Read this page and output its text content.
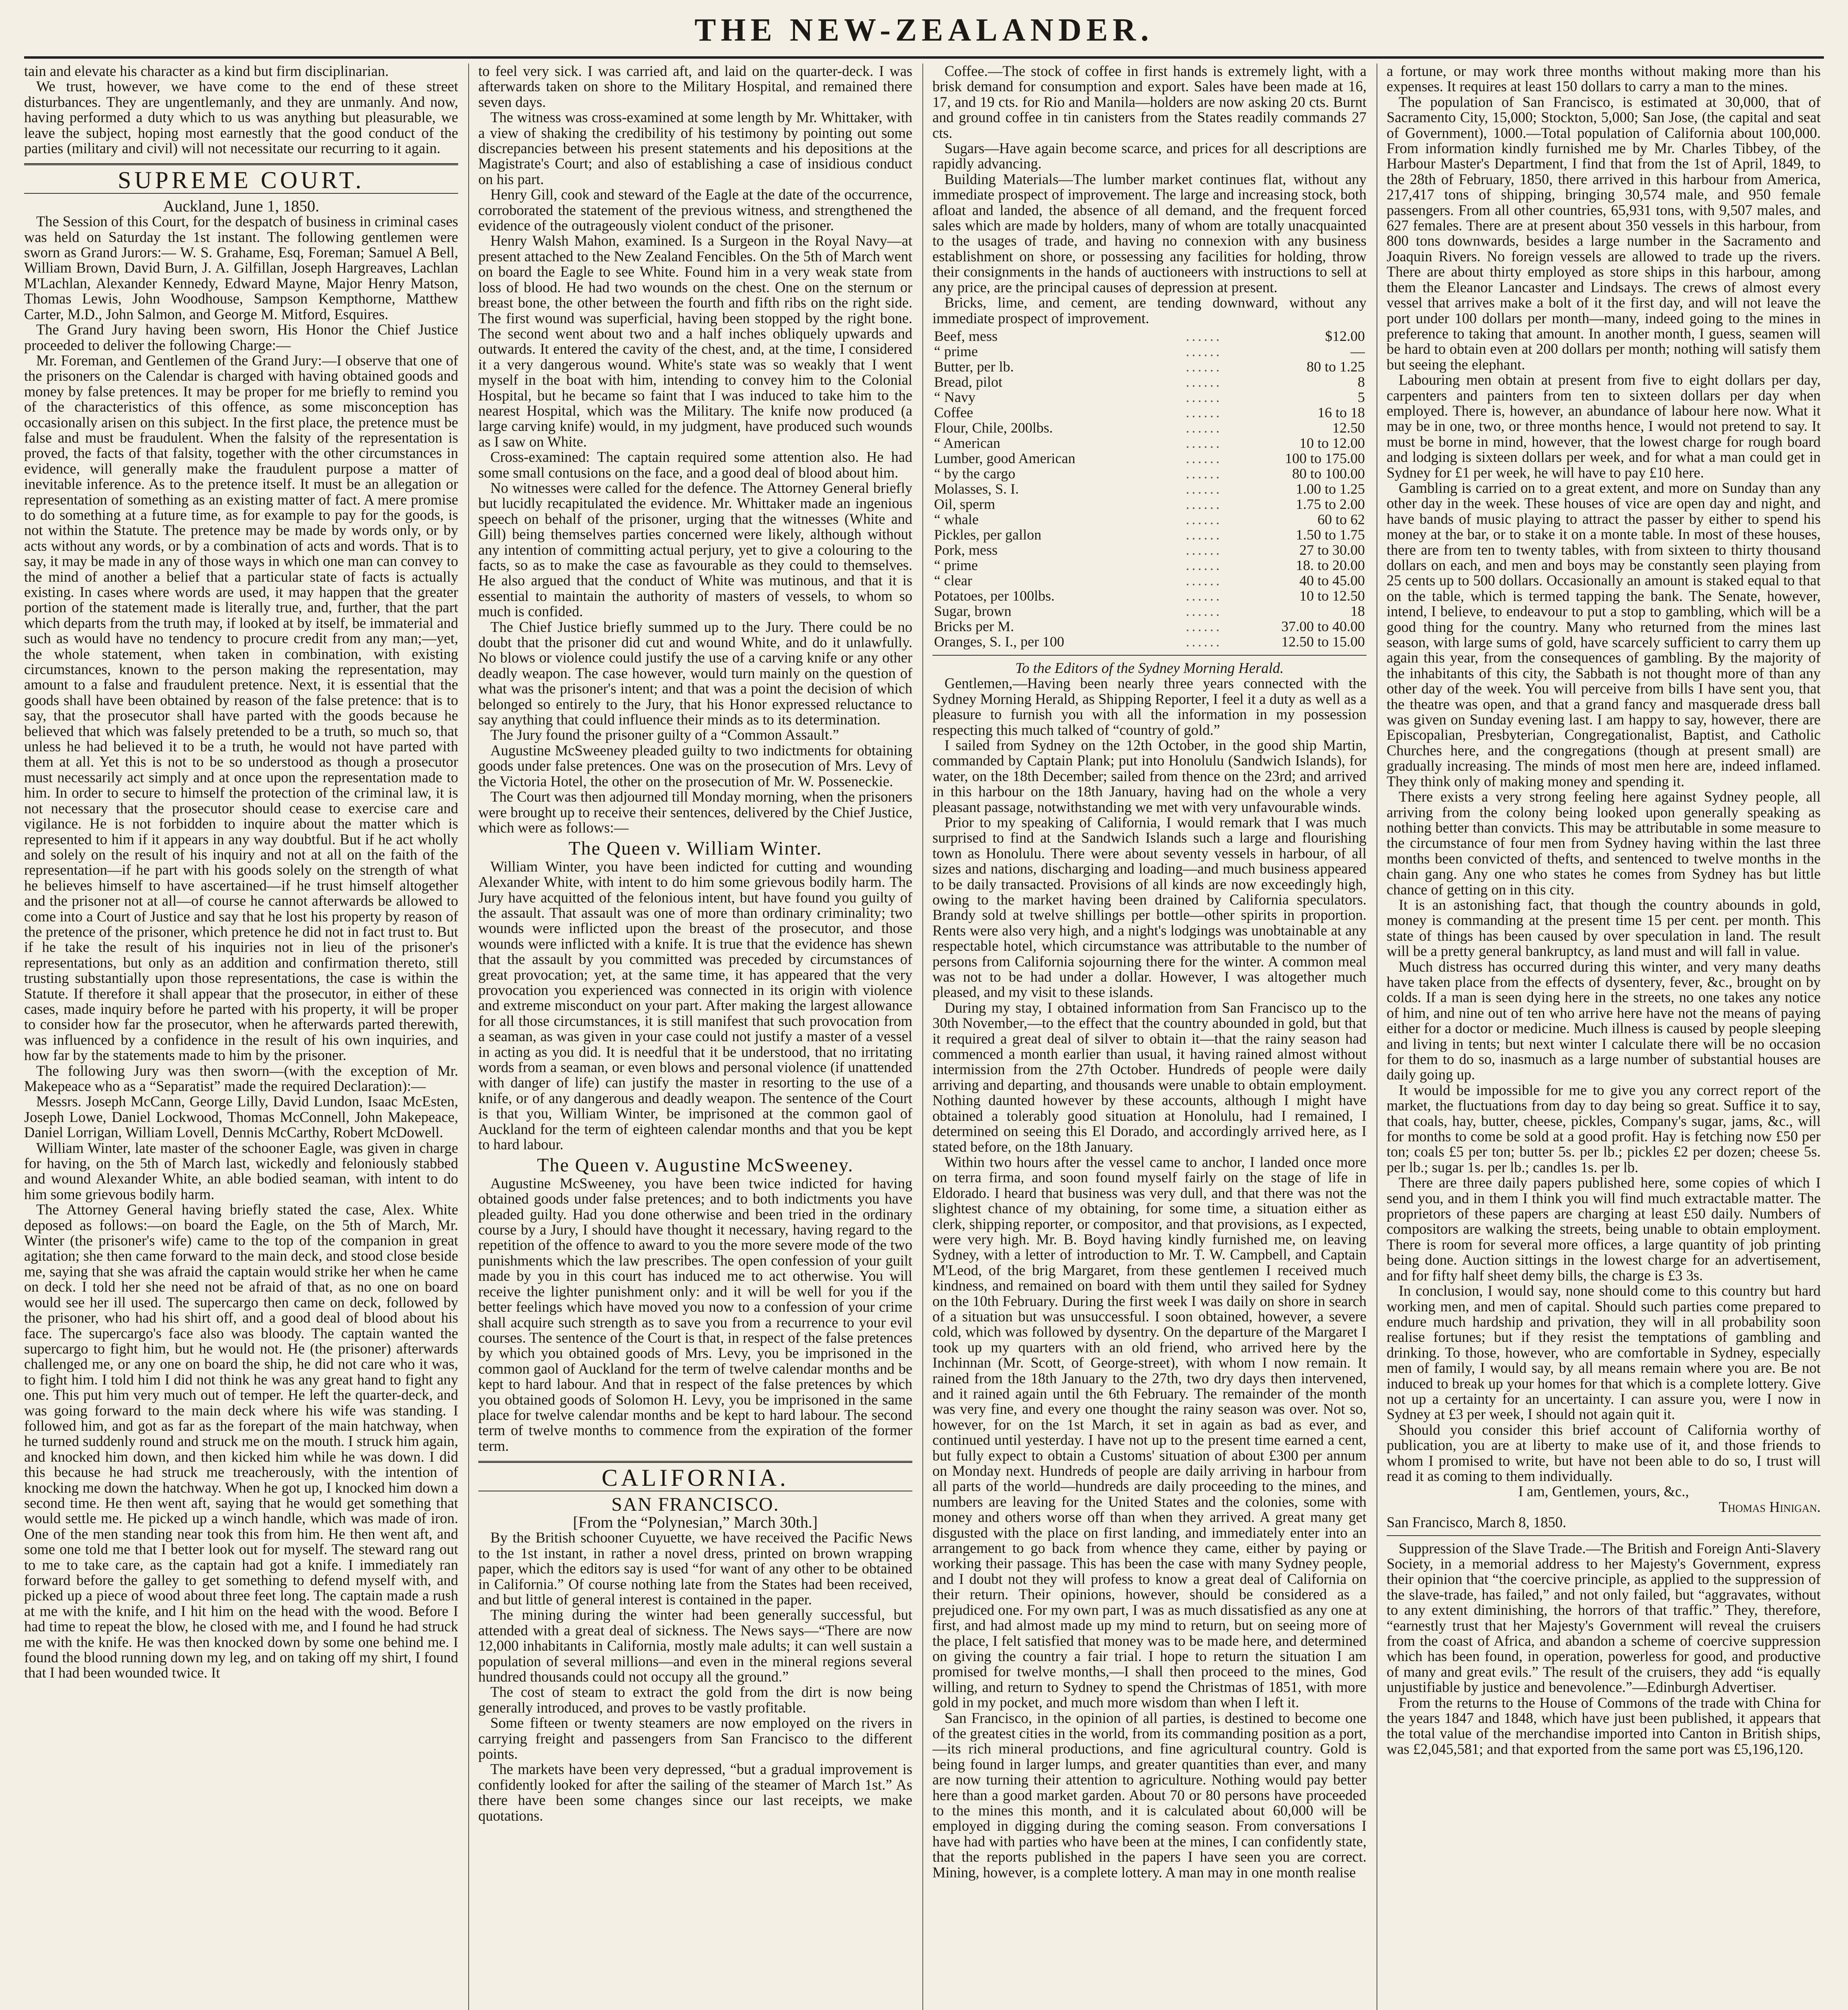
THE NEW-ZEALANDER.

tain and elevate his character as a kind but firm disciplinarian.

We trust, however, we have come to the end of these street disturbances. They are ungentlemanly, and they are unmanly. And now, having performed a duty which to us was anything but pleasurable, we leave the subject, hoping most earnestly that the good conduct of the parties (military and civil) will not necessitate our recurring to it again.

SUPREME COURT.
Auckland, June 1, 1850.

The Session of this Court, for the despatch of business in criminal cases was held on Saturday the 1st instant. The following gentlemen were sworn as Grand Jurors:— W. S. Grahame, Esq, Foreman; Samuel A Bell, William Brown, David Burn, J. A. Gilfillan, Joseph Hargreaves, Lachlan M'Lachlan, Alexander Kennedy, Edward Mayne, Major Henry Matson, Thomas Lewis, John Woodhouse, Sampson Kempthorne, Matthew Carter, M.D., John Salmon, and George M. Mitford, Esquires.

The Grand Jury having been sworn, His Honor the Chief Justice proceeded to deliver the following Charge:—

Mr. Foreman, and Gentlemen of the Grand Jury:—I observe that one of the prisoners on the Calendar is charged with having obtained goods and money by false pretences. It may be proper for me briefly to remind you of the characteristics of this offence, as some misconception has occasionally arisen on this subject. In the first place, the pretence must be false and must be fraudulent. When the falsity of the representation is proved, the facts of that falsity, together with the other circumstances in evidence, will generally make the fraudulent purpose a matter of inevitable inference. As to the pretence itself. It must be an allegation or representation of something as an existing matter of fact. A mere promise to do something at a future time, as for example to pay for the goods, is not within the Statute. The pretence may be made by words only, or by acts without any words, or by a combination of acts and words. That is to say, it may be made in any of those ways in which one man can convey to the mind of another a belief that a particular state of facts is actually existing. In cases where words are used, it may happen that the greater portion of the statement made is literally true, and, further, that the part which departs from the truth may, if looked at by itself, be immaterial and such as would have no tendency to procure credit from any man;—yet, the whole statement, when taken in combination, with existing circumstances, known to the person making the representation, may amount to a false and fraudulent pretence. Next, it is essential that the goods shall have been obtained by reason of the false pretence: that is to say, that the prosecutor shall have parted with the goods because he believed that which was falsely pretended to be a truth, so much so, that unless he had believed it to be a truth, he would not have parted with them at all. Yet this is not to be so understood as though a prosecutor must necessarily act simply and at once upon the representation made to him. In order to secure to himself the protection of the criminal law, it is not necessary that the prosecutor should cease to exercise care and vigilance. He is not forbidden to inquire about the matter which is represented to him if it appears in any way doubtful. But if he act wholly and solely on the result of his inquiry and not at all on the faith of the representation—if he part with his goods solely on the strength of what he believes himself to have ascertained—if he trust himself altogether and the prisoner not at all—of course he cannot afterwards be allowed to come into a Court of Justice and say that he lost his property by reason of the pretence of the prisoner, which pretence he did not in fact trust to. But if he take the result of his inquiries not in lieu of the prisoner's representations, but only as an addition and confirmation thereto, still trusting substantially upon those representations, the case is within the Statute. If therefore it shall appear that the prosecutor, in either of these cases, made inquiry before he parted with his property, it will be proper to consider how far the prosecutor, when he afterwards parted therewith, was influenced by a confidence in the result of his own inquiries, and how far by the statements made to him by the prisoner.

The following Jury was then sworn—(with the exception of Mr. Makepeace who as a “Separatist” made the required Declaration):—

Messrs. Joseph McCann, George Lilly, David Lundon, Isaac McEsten, Joseph Lowe, Daniel Lockwood, Thomas McConnell, John Makepeace, Daniel Lorrigan, William Lovell, Dennis McCarthy, Robert McDowell.

William Winter, late master of the schooner Eagle, was given in charge for having, on the 5th of March last, wickedly and feloniously stabbed and wound Alexander White, an able bodied seaman, with intent to do him some grievous bodily harm.

The Attorney General having briefly stated the case, Alex. White deposed as follows:—on board the Eagle, on the 5th of March, Mr. Winter (the prisoner's wife) came to the top of the companion in great agitation; she then came forward to the main deck, and stood close beside me, saying that she was afraid the captain would strike her when he came on deck. I told her she need not be afraid of that, as no one on board would see her ill used. The supercargo then came on deck, followed by the prisoner, who had his shirt off, and a good deal of blood about his face. The supercargo's face also was bloody. The captain wanted the supercargo to fight him, but he would not. He (the prisoner) afterwards challenged me, or any one on board the ship, he did not care who it was, to fight him. I told him I did not think he was any great hand to fight any one. This put him very much out of temper. He left the quarter-deck, and was going forward to the main deck where his wife was standing. I followed him, and got as far as the forepart of the main hatchway, when he turned suddenly round and struck me on the mouth. I struck him again, and knocked him down, and then kicked him while he was down. I did this because he had struck me treacherously, with the intention of knocking me down the hatchway. When he got up, I knocked him down a second time. He then went aft, saying that he would get something that would settle me. He picked up a winch handle, which was made of iron. One of the men standing near took this from him. He then went aft, and some one told me that I better look out for myself. The steward rang out to me to take care, as the captain had got a knife. I immediately ran forward before the galley to get something to defend myself with, and picked up a piece of wood about three feet long. The captain made a rush at me with the knife, and I hit him on the head with the wood. Before I had time to repeat the blow, he closed with me, and I found he had struck me with the knife. He was then knocked down by some one behind me. I found the blood running down my leg, and on taking off my shirt, I found that I had been wounded twice. It

to feel very sick. I was carried aft, and laid on the quarter-deck. I was afterwards taken on shore to the Military Hospital, and remained there seven days.

The witness was cross-examined at some length by Mr. Whittaker, with a view of shaking the credibility of his testimony by pointing out some discrepancies between his present statements and his depositions at the Magistrate's Court; and also of establishing a case of insidious conduct on his part.

Henry Gill, cook and steward of the Eagle at the date of the occurrence, corroborated the statement of the previous witness, and strengthened the evidence of the outrageously violent conduct of the prisoner.

Henry Walsh Mahon, examined. Is a Surgeon in the Royal Navy—at present attached to the New Zealand Fencibles. On the 5th of March went on board the Eagle to see White. Found him in a very weak state from loss of blood. He had two wounds on the chest. One on the sternum or breast bone, the other between the fourth and fifth ribs on the right side. The first wound was superficial, having been stopped by the right bone. The second went about two and a half inches obliquely upwards and outwards. It entered the cavity of the chest, and, at the time, I considered it a very dangerous wound. White's state was so weakly that I went myself in the boat with him, intending to convey him to the Colonial Hospital, but he became so faint that I was induced to take him to the nearest Hospital, which was the Military. The knife now produced (a large carving knife) would, in my judgment, have produced such wounds as I saw on White.

Cross-examined: The captain required some attention also. He had some small contusions on the face, and a good deal of blood about him.

No witnesses were called for the defence. The Attorney General briefly but lucidly recapitulated the evidence. Mr. Whittaker made an ingenious speech on behalf of the prisoner, urging that the witnesses (White and Gill) being themselves parties concerned were likely, although without any intention of committing actual perjury, yet to give a colouring to the facts, so as to make the case as favourable as they could to themselves. He also argued that the conduct of White was mutinous, and that it is essential to maintain the authority of masters of vessels, to whom so much is confided.

The Chief Justice briefly summed up to the Jury. There could be no doubt that the prisoner did cut and wound White, and do it unlawfully. No blows or violence could justify the use of a carving knife or any other deadly weapon. The case however, would turn mainly on the question of what was the prisoner's intent; and that was a point the decision of which belonged so entirely to the Jury, that his Honor expressed reluctance to say anything that could influence their minds as to its determination.

The Jury found the prisoner guilty of a “Common Assault.”

Augustine McSweeney pleaded guilty to two indictments for obtaining goods under false pretences. One was on the prosecution of Mrs. Levy of the Victoria Hotel, the other on the prosecution of Mr. W. Posseneckie.

The Court was then adjourned till Monday morning, when the prisoners were brought up to receive their sentences, delivered by the Chief Justice, which were as follows:—

The Queen v. William Winter.

William Winter, you have been indicted for cutting and wounding Alexander White, with intent to do him some grievous bodily harm. The Jury have acquitted of the felonious intent, but have found you guilty of the assault. That assault was one of more than ordinary criminality; two wounds were inflicted upon the breast of the prosecutor, and those wounds were inflicted with a knife. It is true that the evidence has shewn that the assault by you committed was preceded by circumstances of great provocation; yet, at the same time, it has appeared that the very provocation you experienced was connected in its origin with violence and extreme misconduct on your part. After making the largest allowance for all those circumstances, it is still manifest that such provocation from a seaman, as was given in your case could not justify a master of a vessel in acting as you did. It is needful that it be understood, that no irritating words from a seaman, or even blows and personal violence (if unattended with danger of life) can justify the master in resorting to the use of a knife, or of any dangerous and deadly weapon. The sentence of the Court is that you, William Winter, be imprisoned at the common gaol of Auckland for the term of eighteen calendar months and that you be kept to hard labour.

The Queen v. Augustine McSweeney.

Augustine McSweeney, you have been twice indicted for having obtained goods under false pretences; and to both indictments you have pleaded guilty. Had you done otherwise and been tried in the ordinary course by a Jury, I should have thought it necessary, having regard to the repetition of the offence to award to you the more severe mode of the two punishments which the law prescribes. The open confession of your guilt made by you in this court has induced me to act otherwise. You will receive the lighter punishment only: and it will be well for you if the better feelings which have moved you now to a confession of your crime shall acquire such strength as to save you from a recurrence to your evil courses. The sentence of the Court is that, in respect of the false pretences by which you obtained goods of Mrs. Levy, you be imprisoned in the common gaol of Auckland for the term of twelve calendar months and be kept to hard labour. And that in respect of the false pretences by which you obtained goods of Solomon H. Levy, you be imprisoned in the same place for twelve calendar months and be kept to hard labour. The second term of twelve months to commence from the expiration of the former term.

CALIFORNIA.
SAN FRANCISCO.
[From the “Polynesian,” March 30th.]

By the British schooner Cuyuette, we have received the Pacific News to the 1st instant, in rather a novel dress, printed on brown wrapping paper, which the editors say is used “for want of any other to be obtained in California.” Of course nothing late from the States had been received, and but little of general interest is contained in the paper.

The mining during the winter had been generally successful, but attended with a great deal of sickness. The News says—“There are now 12,000 inhabitants in California, mostly male adults; it can well sustain a population of several millions—and even in the mineral regions several hundred thousands could not occupy all the ground.”

The cost of steam to extract the gold from the dirt is now being generally introduced, and proves to be vastly profitable.

Some fifteen or twenty steamers are now employed on the rivers in carrying freight and passengers from San Francisco to the different points.

The markets have been very depressed, “but a gradual improvement is confidently looked for after the sailing of the steamer of March 1st.” As there have been some changes since our last receipts, we make quotations.

Coffee.—The stock of coffee in first hands is extremely light, with a brisk demand for consumption and export. Sales have been made at 16, 17, and 19 cts. for Rio and Manila—holders are now asking 20 cts. Burnt and ground coffee in tin canisters from the States readily commands 27 cts.

Sugars—Have again become scarce, and prices for all descriptions are rapidly advancing.

Building Materials—The lumber market continues flat, without any immediate prospect of improvement. The large and increasing stock, both afloat and landed, the absence of all demand, and the frequent forced sales which are made by holders, many of whom are totally unacquainted to the usages of trade, and having no connexion with any business establishment on shore, or possessing any facilities for holding, throw their consignments in the hands of auctioneers with instructions to sell at any price, are the principal causes of depression at present.

Bricks, lime, and cement, are tending downward, without any immediate prospect of improvement.

Beef, mess	......	$12.00
“ prime	......	—
Butter, per lb.	......	80 to 1.25
Bread, pilot	......	8
“ Navy	......	5
Coffee	......	16 to 18
Flour, Chile, 200lbs.	......	12.50
“ American	......	10 to 12.00
Lumber, good American	......	100 to 175.00
“ by the cargo	......	80 to 100.00
Molasses, S. I.	......	1.00 to 1.25
Oil, sperm	......	1.75 to 2.00
“ whale	......	60 to 62
Pickles, per gallon	......	1.50 to 1.75
Pork, mess	......	27 to 30.00
“ prime	......	18. to 20.00
“ clear	......	40 to 45.00
Potatoes, per 100lbs.	......	10 to 12.50
Sugar, brown	......	18
Bricks per M.	......	37.00 to 40.00
Oranges, S. I., per 100	......	12.50 to 15.00

To the Editors of the Sydney Morning Herald.

Gentlemen,—Having been nearly three years connected with the Sydney Morning Herald, as Shipping Reporter, I feel it a duty as well as a pleasure to furnish you with all the information in my possession respecting this much talked of “country of gold.”

I sailed from Sydney on the 12th October, in the good ship Martin, commanded by Captain Plank; put into Honolulu (Sandwich Islands), for water, on the 18th December; sailed from thence on the 23rd; and arrived in this harbour on the 18th January, having had on the whole a very pleasant passage, notwithstanding we met with very unfavourable winds.

Prior to my speaking of California, I would remark that I was much surprised to find at the Sandwich Islands such a large and flourishing town as Honolulu. There were about seventy vessels in harbour, of all sizes and nations, discharging and loading—and much business appeared to be daily transacted. Provisions of all kinds are now exceedingly high, owing to the market having been drained by California speculators. Brandy sold at twelve shillings per bottle—other spirits in proportion. Rents were also very high, and a night's lodgings was unobtainable at any respectable hotel, which circumstance was attributable to the number of persons from California sojourning there for the winter. A common meal was not to be had under a dollar. However, I was altogether much pleased, and my visit to these islands.

During my stay, I obtained information from San Francisco up to the 30th November,—to the effect that the country abounded in gold, but that it required a great deal of silver to obtain it—that the rainy season had commenced a month earlier than usual, it having rained almost without intermission from the 27th October. Hundreds of people were daily arriving and departing, and thousands were unable to obtain employment. Nothing daunted however by these accounts, although I might have obtained a tolerably good situation at Honolulu, had I remained, I determined on seeing this El Dorado, and accordingly arrived here, as I stated before, on the 18th January.

Within two hours after the vessel came to anchor, I landed once more on terra firma, and soon found myself fairly on the stage of life in Eldorado. I heard that business was very dull, and that there was not the slightest chance of my obtaining, for some time, a situation either as clerk, shipping reporter, or compositor, and that provisions, as I expected, were very high. Mr. B. Boyd having kindly furnished me, on leaving Sydney, with a letter of introduction to Mr. T. W. Campbell, and Captain M'Leod, of the brig Margaret, from these gentlemen I received much kindness, and remained on board with them until they sailed for Sydney on the 10th February. During the first week I was daily on shore in search of a situation but was unsuccessful. I soon obtained, however, a severe cold, which was followed by dysentry. On the departure of the Margaret I took up my quarters with an old friend, who arrived here by the Inchinnan (Mr. Scott, of George-street), with whom I now remain. It rained from the 18th January to the 27th, two dry days then intervened, and it rained again until the 6th February. The remainder of the month was very fine, and every one thought the rainy season was over. Not so, however, for on the 1st March, it set in again as bad as ever, and continued until yesterday. I have not up to the present time earned a cent, but fully expect to obtain a Customs' situation of about £300 per annum on Monday next. Hundreds of people are daily arriving in harbour from all parts of the world—hundreds are daily proceeding to the mines, and numbers are leaving for the United States and the colonies, some with money and others worse off than when they arrived. A great many get disgusted with the place on first landing, and immediately enter into an arrangement to go back from whence they came, either by paying or working their passage. This has been the case with many Sydney people, and I doubt not they will profess to know a great deal of California on their return. Their opinions, however, should be considered as a prejudiced one. For my own part, I was as much dissatisfied as any one at first, and had almost made up my mind to return, but on seeing more of the place, I felt satisfied that money was to be made here, and determined on giving the country a fair trial. I hope to return the situation I am promised for twelve months,—I shall then proceed to the mines, God willing, and return to Sydney to spend the Christmas of 1851, with more gold in my pocket, and much more wisdom than when I left it.

San Francisco, in the opinion of all parties, is destined to become one of the greatest cities in the world, from its commanding position as a port,—its rich mineral productions, and fine agricultural country. Gold is being found in larger lumps, and greater quantities than ever, and many are now turning their attention to agriculture. Nothing would pay better here than a good market garden. About 70 or 80 persons have proceeded to the mines this month, and it is calculated about 60,000 will be employed in digging during the coming season. From conversations I have had with parties who have been at the mines, I can confidently state, that the reports published in the papers I have seen you are correct. Mining, however, is a complete lottery. A man may in one month realise

a fortune, or may work three months without making more than his expenses. It requires at least 150 dollars to carry a man to the mines.

The population of San Francisco, is estimated at 30,000, that of Sacramento City, 15,000; Stockton, 5,000; San Jose, (the capital and seat of Government), 1000.—Total population of California about 100,000. From information kindly furnished me by Mr. Charles Tibbey, of the Harbour Master's Department, I find that from the 1st of April, 1849, to the 28th of February, 1850, there arrived in this harbour from America, 217,417 tons of shipping, bringing 30,574 male, and 950 female passengers. From all other countries, 65,931 tons, with 9,507 males, and 627 females. There are at present about 350 vessels in this harbour, from 800 tons downwards, besides a large number in the Sacramento and Joaquin Rivers. No foreign vessels are allowed to trade up the rivers. There are about thirty employed as store ships in this harbour, among them the Eleanor Lancaster and Lindsays. The crews of almost every vessel that arrives make a bolt of it the first day, and will not leave the port under 100 dollars per month—many, indeed going to the mines in preference to taking that amount. In another month, I guess, seamen will be hard to obtain even at 200 dollars per month; nothing will satisfy them but seeing the elephant.

Labouring men obtain at present from five to eight dollars per day, carpenters and painters from ten to sixteen dollars per day when employed. There is, however, an abundance of labour here now. What it may be in one, two, or three months hence, I would not pretend to say. It must be borne in mind, however, that the lowest charge for rough board and lodging is sixteen dollars per week, and for what a man could get in Sydney for £1 per week, he will have to pay £10 here.

Gambling is carried on to a great extent, and more on Sunday than any other day in the week. These houses of vice are open day and night, and have bands of music playing to attract the passer by either to spend his money at the bar, or to stake it on a monte table. In most of these houses, there are from ten to twenty tables, with from sixteen to thirty thousand dollars on each, and men and boys may be constantly seen playing from 25 cents up to 500 dollars. Occasionally an amount is staked equal to that on the table, which is termed tapping the bank. The Senate, however, intend, I believe, to endeavour to put a stop to gambling, which will be a good thing for the country. Many who returned from the mines last season, with large sums of gold, have scarcely sufficient to carry them up again this year, from the consequences of gambling. By the majority of the inhabitants of this city, the Sabbath is not thought more of than any other day of the week. You will perceive from bills I have sent you, that the theatre was open, and that a grand fancy and masquerade dress ball was given on Sunday evening last. I am happy to say, however, there are Episcopalian, Presbyterian, Congregationalist, Baptist, and Catholic Churches here, and the congregations (though at present small) are gradually increasing. The minds of most men here are, indeed inflamed. They think only of making money and spending it.

There exists a very strong feeling here against Sydney people, all arriving from the colony being looked upon generally speaking as nothing better than convicts. This may be attributable in some measure to the circumstance of four men from Sydney having within the last three months been convicted of thefts, and sentenced to twelve months in the chain gang. Any one who states he comes from Sydney has but little chance of getting on in this city.

It is an astonishing fact, that though the country abounds in gold, money is commanding at the present time 15 per cent. per month. This state of things has been caused by over speculation in land. The result will be a pretty general bankruptcy, as land must and will fall in value.

Much distress has occurred during this winter, and very many deaths have taken place from the effects of dysentery, fever, &c., brought on by colds. If a man is seen dying here in the streets, no one takes any notice of him, and nine out of ten who arrive here have not the means of paying either for a doctor or medicine. Much illness is caused by people sleeping and living in tents; but next winter I calculate there will be no occasion for them to do so, inasmuch as a large number of substantial houses are daily going up.

It would be impossible for me to give you any correct report of the market, the fluctuations from day to day being so great. Suffice it to say, that coals, hay, butter, cheese, pickles, Company's sugar, jams, &c., will for months to come be sold at a good profit. Hay is fetching now £50 per ton; coals £5 per ton; butter 5s. per lb.; pickles £2 per dozen; cheese 5s. per lb.; sugar 1s. per lb.; candles 1s. per lb.

There are three daily papers published here, some copies of which I send you, and in them I think you will find much extractable matter. The proprietors of these papers are charging at least £50 daily. Numbers of compositors are walking the streets, being unable to obtain employment. There is room for several more offices, a large quantity of job printing being done. Auction sittings in the lowest charge for an advertisement, and for fifty half sheet demy bills, the charge is £3 3s.

In conclusion, I would say, none should come to this country but hard working men, and men of capital. Should such parties come prepared to endure much hardship and privation, they will in all probability soon realise fortunes; but if they resist the temptations of gambling and drinking. To those, however, who are comfortable in Sydney, especially men of family, I would say, by all means remain where you are. Be not induced to break up your homes for that which is a complete lottery. Give not up a certainty for an uncertainty. I can assure you, were I now in Sydney at £3 per week, I should not again quit it.

Should you consider this brief account of California worthy of publication, you are at liberty to make use of it, and those friends to whom I promised to write, but have not been able to do so, I trust will read it as coming to them individually.

I am, Gentlemen, yours, &c.,

Thomas Hinigan.

San Francisco, March 8, 1850.

Suppression of the Slave Trade.—The British and Foreign Anti-Slavery Society, in a memorial address to her Majesty's Government, express their opinion that “the coercive principle, as applied to the suppression of the slave-trade, has failed,” and not only failed, but “aggravates, without to any extent diminishing, the horrors of that traffic.” They, therefore, “earnestly trust that her Majesty's Government will reveal the cruisers from the coast of Africa, and abandon a scheme of coercive suppression which has been found, in operation, powerless for good, and productive of many and great evils.” The result of the cruisers, they add “is equally unjustifiable by justice and benevolence.”—Edinburgh Advertiser.

From the returns to the House of Commons of the trade with China for the years 1847 and 1848, which have just been published, it appears that the total value of the merchandise imported into Canton in British ships, was £2,045,581; and that exported from the same port was £5,196,120.
